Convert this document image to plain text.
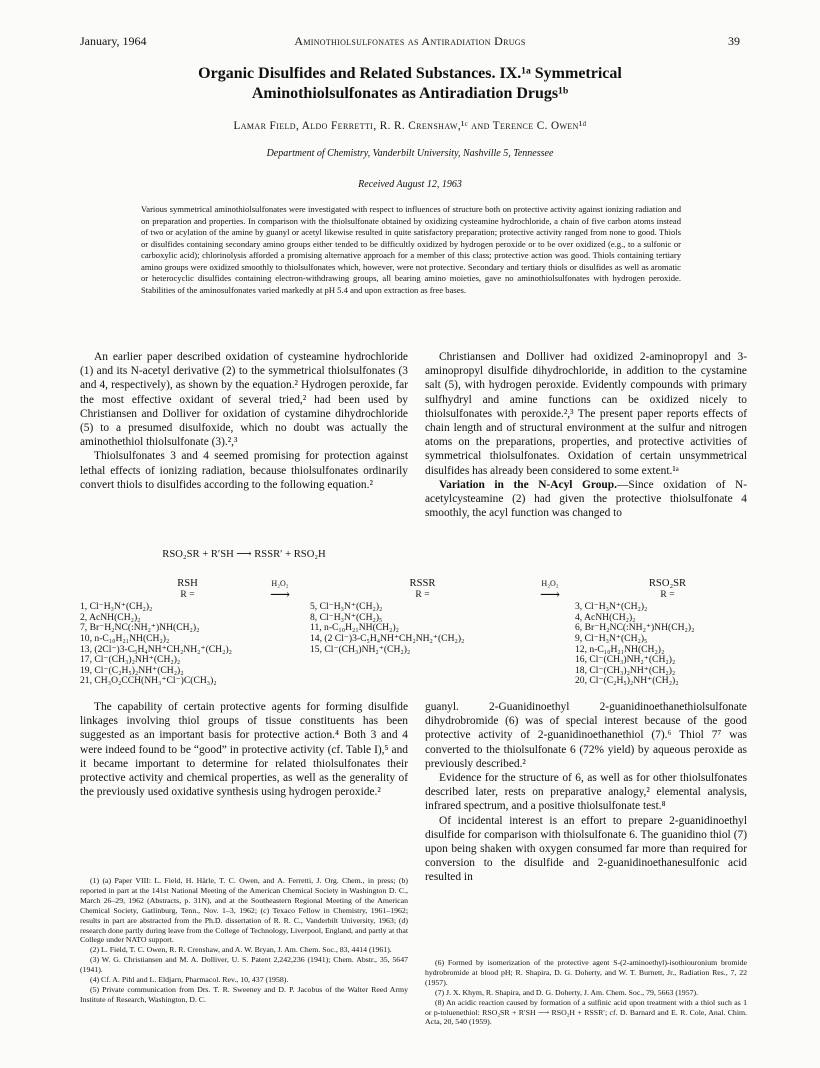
January, 1964	Aminothiolsulfonates as Antiradiation Drugs	39
Organic Disulfides and Related Substances. IX.¹ᵃ Symmetrical
Aminothiolsulfonates as Antiradiation Drugs¹ᵇ
Lamar Field, Aldo Ferretti, R. R. Crenshaw,¹ᶜ and Terence C. Owen¹ᵈ
Department of Chemistry, Vanderbilt University, Nashville 5, Tennessee
Received August 12, 1963
Various symmetrical aminothiolsulfonates were investigated with respect to influences of structure both on protective activity against ionizing radiation and on preparation and properties. In comparison with the thiolsulfonate obtained by oxidizing cysteamine hydrochloride, a chain of five carbon atoms instead of two or acylation of the amine by guanyl or acetyl likewise resulted in quite satisfactory preparation; protective activity ranged from none to good. Thiols or disulfides containing secondary amino groups either tended to be difficultly oxidized by hydrogen peroxide or to be over oxidized (e.g., to a sulfonic or carboxylic acid); chlorinolysis afforded a promising alternative approach for a member of this class; protective action was good. Thiols containing tertiary amino groups were oxidized smoothly to thiolsulfonates which, however, were not protective. Secondary and tertiary thiols or disulfides as well as aromatic or heterocyclic disulfides containing electron-withdrawing groups, all bearing amino moieties, gave no aminothiolsulfonates with hydrogen peroxide. Stabilities of the aminosulfonates varied markedly at pH 5.4 and upon extraction as free bases.

An earlier paper described oxidation of cysteamine hydrochloride (1) and its N-acetyl derivative (2) to the symmetrical thiolsulfonates (3 and 4, respectively), as shown by the equation.² Hydrogen peroxide, far the most effective oxidant of several tried,² had been used by Christiansen and Dolliver for oxidation of cystamine dihydrochloride (5) to a presumed disulfoxide, which no doubt was actually the aminothethiol thiolsulfonate (3).²,³

Thiolsulfonates 3 and 4 seemed promising for protection against lethal effects of ionizing radiation, because thiolsulfonates ordinarily convert thiols to disulfides according to the following equation.²

RSO₂SR + R′SH ⟶ RSSR′ + RSO₂H

Christiansen and Dolliver had oxidized 2-aminopropyl and 3-aminopropyl disulfide dihydrochloride, in addition to the cystamine salt (5), with hydrogen peroxide. Evidently compounds with primary sulfhydryl and amine functions can be oxidized nicely to thiolsulfonates with peroxide.²,³ The present paper reports effects of chain length and of structural environment at the sulfur and nitrogen atoms on the preparations, properties, and protective activities of symmetrical thiolsulfonates. Oxidation of certain unsymmetrical disulfides has already been considered to some extent.¹ᵃ

Variation in the N-Acyl Group.—Since oxidation of N-acetylcysteamine (2) had given the protective thiolsulfonate 4 smoothly, the acyl function was changed to

RSH
R =
1, Cl⁻H₃N⁺(CH₂)₂
2, AcNH(CH₂)₂
7, Br⁻H₂NC(:NH₂⁺)NH(CH₂)₂
10, n-C₁₀H₂₁NH(CH₂)₂
13, (2Cl⁻)3-C₅H₄NH⁺CH₂NH₂⁺(CH₂)₂
17, Cl⁻(CH₃)₂NH⁺(CH₂)₂
19, Cl⁻(C₂H₅)₂NH⁺(CH₂)₂
21, CH₃O₂CCH(NH₃⁺Cl⁻)C(CH₃)₂
H₂O₂
⟶
RSSR
R =
5, Cl⁻H₃N⁺(CH₂)₂
8, Cl⁻H₃N⁺(CH₂)₅
11, n-C₁₀H₂₁NH(CH₂)₂
14, (2 Cl⁻)3-C₅H₄NH⁺CH₂NH₂⁺(CH₂)₂
15, Cl⁻(CH₃)NH₂⁺(CH₂)₂
H₂O₂
⟶
RSO₂SR
R =
3, Cl⁻H₃N⁺(CH₂)₂
4, AcNH(CH₂)₂
6, Br⁻H₂NC(:NH₂⁺)NH(CH₂)₂
9, Cl⁻H₃N⁺(CH₂)₅
12, n-C₁₀H₂₁NH(CH₂)₂
16, Cl⁻(CH₃)NH₂⁺(CH₂)₂
18, Cl⁻(CH₃)₂NH⁺(CH₂)₂
20, Cl⁻(C₂H₅)₂NH⁺(CH₂)₂

The capability of certain protective agents for forming disulfide linkages involving thiol groups of tissue constituents has been suggested as an important basis for protective action.⁴ Both 3 and 4 were indeed found to be “good” in protective activity (cf. Table I),⁵ and it became important to determine for related thiolsulfonates their protective activity and chemical properties, as well as the generality of the previously used oxidative synthesis using hydrogen peroxide.²

guanyl. 2-Guanidinoethyl 2-guanidinoethanethiolsulfonate dihydrobromide (6) was of special interest because of the good protective activity of 2-guanidinoethanethiol (7).⁶ Thiol 7⁷ was converted to the thiolsulfonate 6 (72% yield) by aqueous peroxide as previously described.²

Evidence for the structure of 6, as well as for other thiolsulfonates described later, rests on preparative analogy,² elemental analysis, infrared spectrum, and a positive thiolsulfonate test.⁸

Of incidental interest is an effort to prepare 2-guanidinoethyl disulfide for comparison with thiolsulfonate 6. The guanidino thiol (7) upon being shaken with oxygen consumed far more than required for conversion to the disulfide and 2-guanidinoethanesulfonic acid resulted in

(1) (a) Paper VIII: L. Field, H. Härle, T. C. Owen, and A. Ferretti, J. Org. Chem., in press; (b) reported in part at the 141st National Meeting of the American Chemical Society in Washington D. C., March 26–29, 1962 (Abstracts, p. 31N), and at the Southeastern Regional Meeting of the American Chemical Society, Gatlinburg, Tenn., Nov. 1–3, 1962; (c) Texaco Fellow in Chemistry, 1961–1962; results in part are abstracted from the Ph.D. dissertation of R. R. C., Vanderbilt University, 1963; (d) research done partly during leave from the College of Technology, Liverpool, England, and partly at that College under NATO support.

(2) L. Field, T. C. Owen, R. R. Crenshaw, and A. W. Bryan, J. Am. Chem. Soc., 83, 4414 (1961).

(3) W. G. Christiansen and M. A. Dolliver, U. S. Patent 2,242,236 (1941); Chem. Abstr., 35, 5647 (1941).

(4) Cf. A. Pihl and L. Eldjarn, Pharmacol. Rev., 10, 437 (1958).

(5) Private communication from Drs. T. R. Sweeney and D. P. Jacobus of the Walter Reed Army Institute of Research, Washington, D. C.

(6) Formed by isomerization of the protective agent S-(2-aminoethyl)-isothiouronium bromide hydrobromide at blood pH; R. Shapira, D. G. Doherty, and W. T. Burnett, Jr., Radiation Res., 7, 22 (1957).

(7) J. X. Khym, R. Shapira, and D. G. Doherty, J. Am. Chem. Soc., 79, 5663 (1957).

(8) An acidic reaction caused by formation of a sulfinic acid upon treatment with a thiol such as 1 or p-toluenethiol: RSO₂SR + R′SH ⟶ RSO₂H + RSSR′; cf. D. Barnard and E. R. Cole, Anal. Chim. Acta, 20, 540 (1959).
